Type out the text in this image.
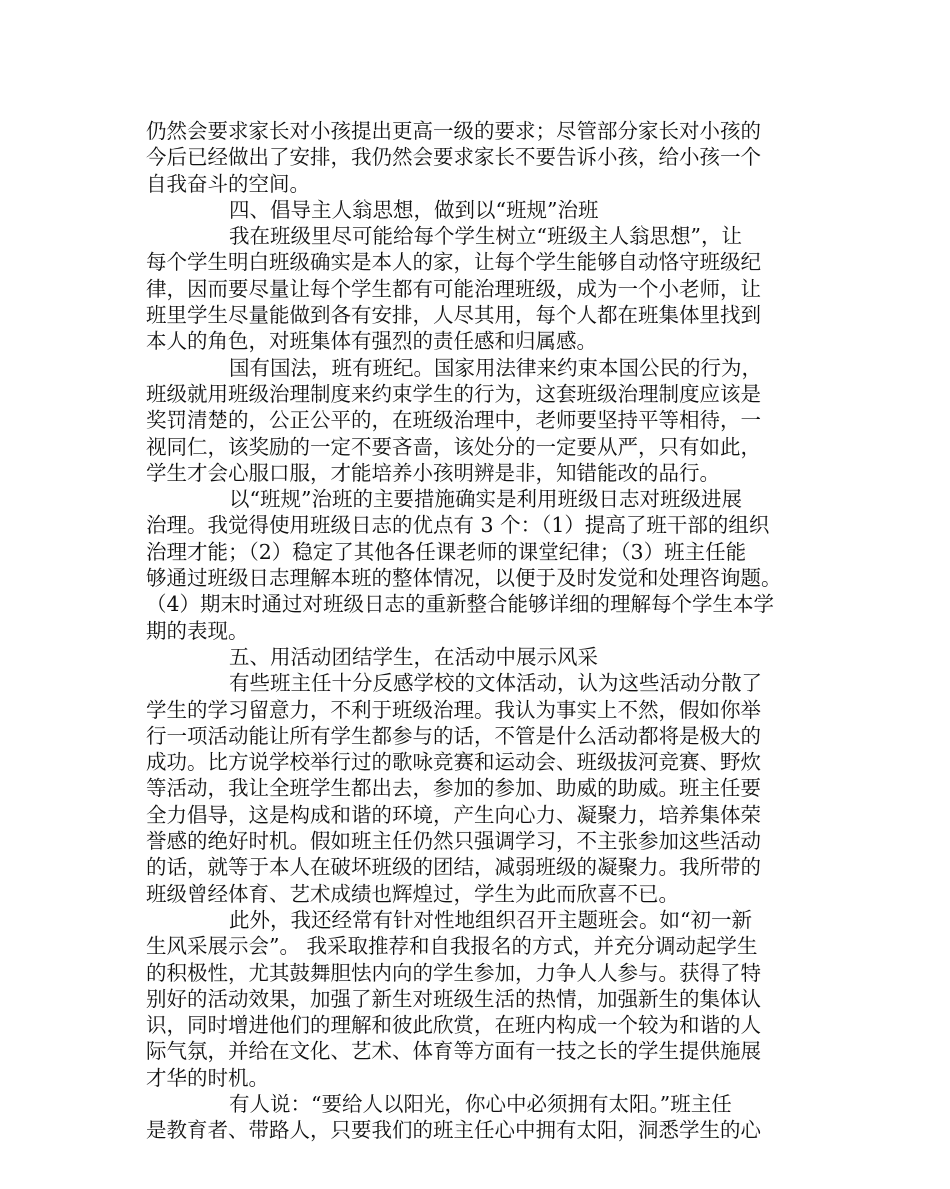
仍然会要求家长对小孩提出更高一级的要求；尽管部分家长对小孩的
今后已经做出了安排，我仍然会要求家长不要告诉小孩，给小孩一个
自我奋斗的空间。
四、倡导主人翁思想，做到以“班规”治班
我在班级里尽可能给每个学生树立“班级主人翁思想”，让
每个学生明白班级确实是本人的家，让每个学生能够自动恪守班级纪
律，因而要尽量让每个学生都有可能治理班级，成为一个小老师，让
班里学生尽量能做到各有安排，人尽其用，每个人都在班集体里找到
本人的角色，对班集体有强烈的责任感和归属感。
国有国法，班有班纪。国家用法律来约束本国公民的行为，
班级就用班级治理制度来约束学生的行为，这套班级治理制度应该是
奖罚清楚的，公正公平的，在班级治理中，老师要坚持平等相待，一
视同仁，该奖励的一定不要吝啬，该处分的一定要从严，只有如此，
学生才会心服口服，才能培养小孩明辨是非，知错能改的品行。
以“班规”治班的主要措施确实是利用班级日志对班级进展
治理。我觉得使用班级日志的优点有 3 个：（1）提高了班干部的组织
治理才能；（2）稳定了其他各任课老师的课堂纪律；（3）班主任能
够通过班级日志理解本班的整体情况，以便于及时发觉和处理咨询题。
（4）期末时通过对班级日志的重新整合能够详细的理解每个学生本学
期的表现。
五、用活动团结学生，在活动中展示风采
有些班主任十分反感学校的文体活动，认为这些活动分散了
学生的学习留意力，不利于班级治理。我认为事实上不然，假如你举
行一项活动能让所有学生都参与的话，不管是什么活动都将是极大的
成功。比方说学校举行过的歌咏竞赛和运动会、班级拔河竞赛、野炊
等活动，我让全班学生都出去，参加的参加、助威的助威。班主任要
全力倡导，这是构成和谐的环境，产生向心力、凝聚力，培养集体荣
誉感的绝好时机。假如班主任仍然只强调学习，不主张参加这些活动
的话，就等于本人在破坏班级的团结，减弱班级的凝聚力。我所带的
班级曾经体育、艺术成绩也辉煌过，学生为此而欣喜不已。
此外，我还经常有针对性地组织召开主题班会。如“初一新
生风采展示会”。 我采取推荐和自我报名的方式，并充分调动起学生
的积极性，尤其鼓舞胆怯内向的学生参加，力争人人参与。获得了特
别好的活动效果，加强了新生对班级生活的热情，加强新生的集体认
识，同时增进他们的理解和彼此欣赏，在班内构成一个较为和谐的人
际气氛，并给在文化、艺术、体育等方面有一技之长的学生提供施展
才华的时机。
有人说：“要给人以阳光，你心中必须拥有太阳。”班主任
是教育者、带路人，只要我们的班主任心中拥有太阳，洞悉学生的心
